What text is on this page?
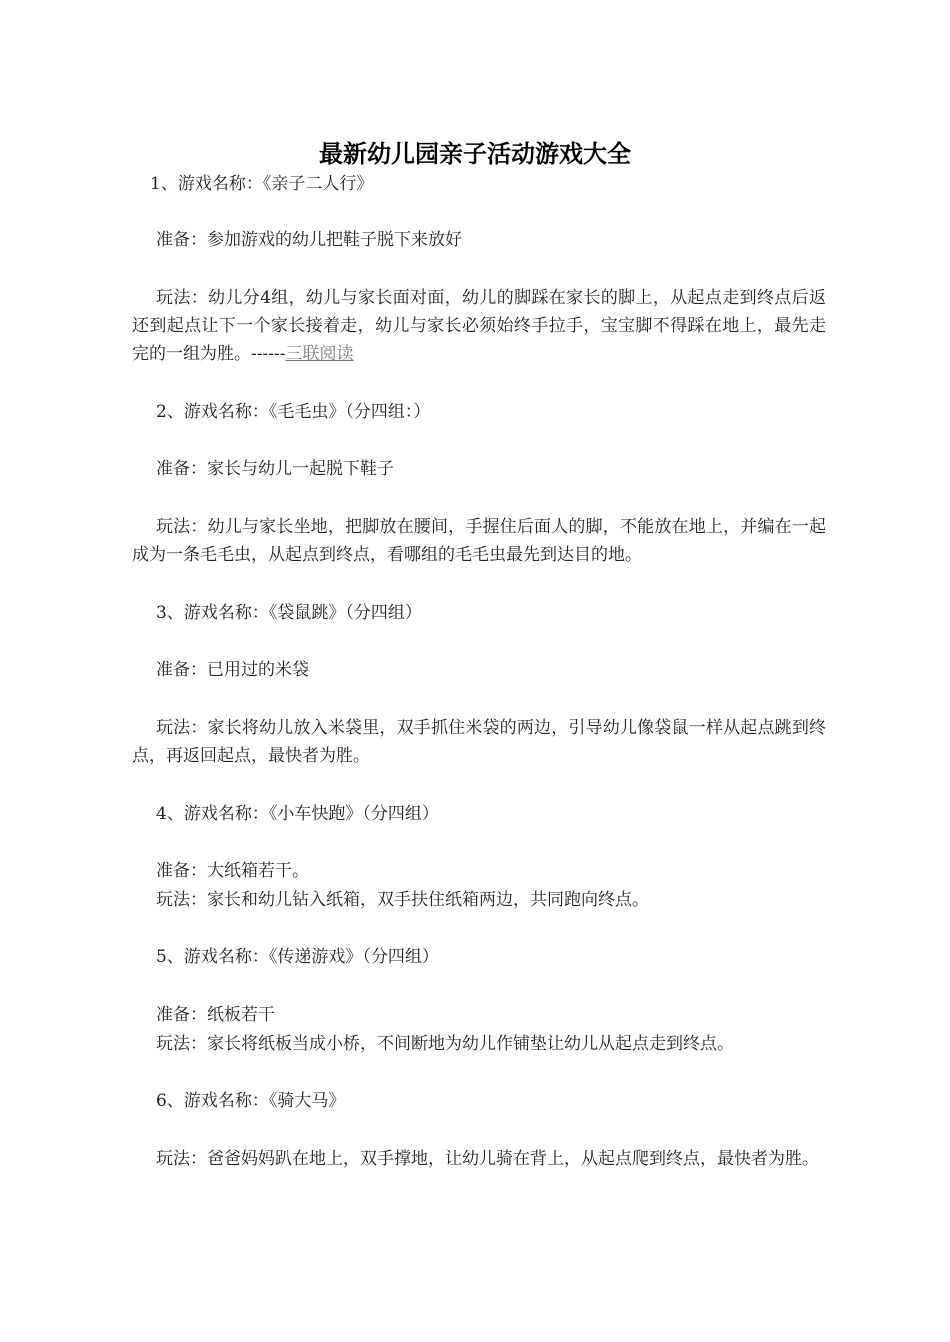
最新幼儿园亲子活动游戏大全

1、游戏名称：《亲子二人行》

准备：参加游戏的幼儿把鞋子脱下来放好

玩法：幼儿分4组，幼儿与家长面对面，幼儿的脚踩在家长的脚上，从起点走到终点后返还到起点让下一个家长接着走，幼儿与家长必须始终手拉手，宝宝脚不得踩在地上，最先走完的一组为胜。------三联阅读

2、游戏名称：《毛毛虫》（分四组：）

准备：家长与幼儿一起脱下鞋子

玩法：幼儿与家长坐地，把脚放在腰间，手握住后面人的脚，不能放在地上，并编在一起成为一条毛毛虫，从起点到终点，看哪组的毛毛虫最先到达目的地。

3、游戏名称：《袋鼠跳》（分四组）

准备：已用过的米袋

玩法：家长将幼儿放入米袋里，双手抓住米袋的两边，引导幼儿像袋鼠一样从起点跳到终点，再返回起点，最快者为胜。

4、游戏名称：《小车快跑》（分四组）

准备：大纸箱若干。

玩法：家长和幼儿钻入纸箱，双手扶住纸箱两边，共同跑向终点。

5、游戏名称：《传递游戏》（分四组）

准备：纸板若干

玩法：家长将纸板当成小桥，不间断地为幼儿作铺垫让幼儿从起点走到终点。

6、游戏名称：《骑大马》

玩法：爸爸妈妈趴在地上，双手撑地，让幼儿骑在背上，从起点爬到终点，最快者为胜。
